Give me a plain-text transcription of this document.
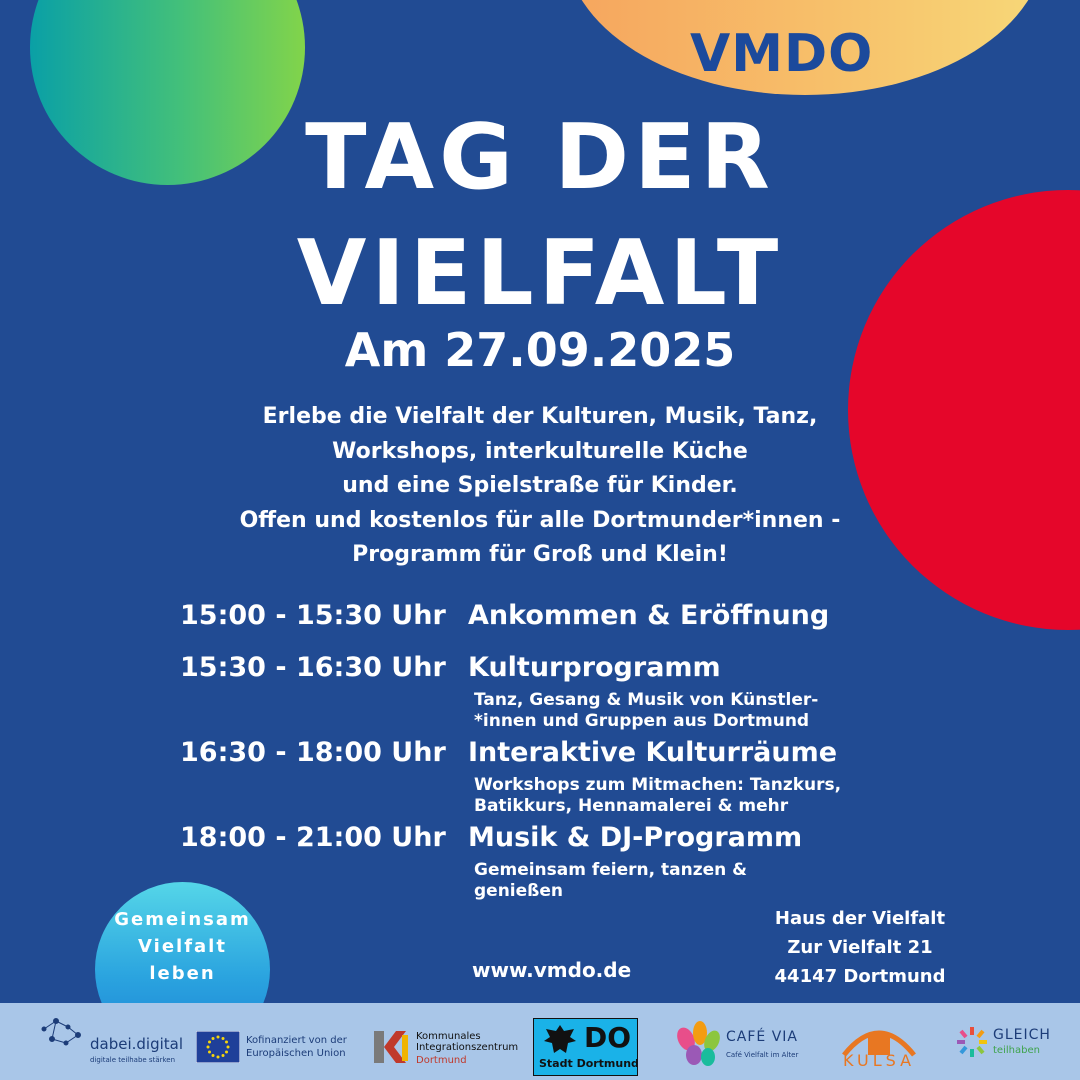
VMDO
TAG DER
VIELFALT
Am 27.09.2025
Erlebe die Vielfalt der Kulturen, Musik, Tanz,
Workshops, interkulturelle Küche
und eine Spielstraße für Kinder.
Offen und kostenlos für alle Dortmunder*innen -
Programm für Groß und Klein!
15:00 - 15:30 Uhr Ankommen & Eröffnung
15:30 - 16:30 Uhr Kulturprogramm
Tanz, Gesang & Musik von Künstler-
*innen und Gruppen aus Dortmund
16:30 - 18:00 Uhr Interaktive Kulturräume
Workshops zum Mitmachen: Tanzkurs,
Batikkurs, Hennamalerei & mehr
18:00 - 21:00 Uhr Musik & DJ-Programm
Gemeinsam feiern, tanzen &
genießen
Gemeinsam
Vielfalt
leben	www.vmdo.de
Haus der Vielfalt
Zur Vielfalt 21
44147 Dortmund
dabei.digital
digitale teilhabe stärken
Kofinanziert von der
Europäischen Union
Kommunales
Integrationszentrum
Dortmund
DO
Stadt Dortmund
CAFÉ VIA
Café Vielfalt im Alter	KULSA
GLEICH
teilhaben
